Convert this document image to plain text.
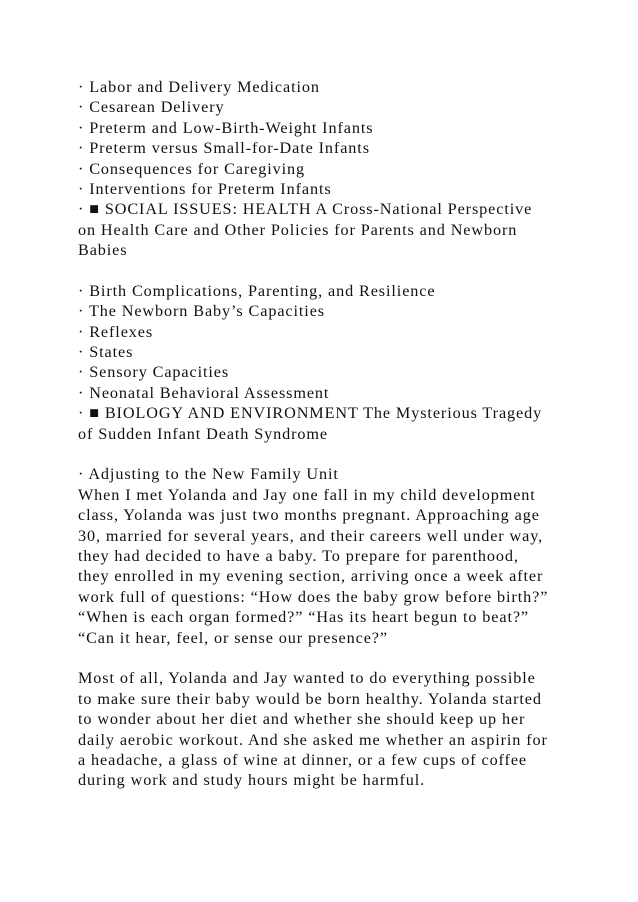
· Labor and Delivery Medication
· Cesarean Delivery
· Preterm and Low-Birth-Weight Infants
· Preterm versus Small-for-Date Infants
· Consequences for Caregiving
· Interventions for Preterm Infants
· ■ SOCIAL ISSUES: HEALTH A Cross-National Perspective
on Health Care and Other Policies for Parents and Newborn
Babies
· Birth Complications, Parenting, and Resilience
· The Newborn Baby’s Capacities
· Reflexes
· States
· Sensory Capacities
· Neonatal Behavioral Assessment
· ■ BIOLOGY AND ENVIRONMENT The Mysterious Tragedy
of Sudden Infant Death Syndrome
· Adjusting to the New Family Unit
When I met Yolanda and Jay one fall in my child development
class, Yolanda was just two months pregnant. Approaching age
30, married for several years, and their careers well under way,
they had decided to have a baby. To prepare for parenthood,
they enrolled in my evening section, arriving once a week after
work full of questions: “How does the baby grow before birth?”
“When is each organ formed?” “Has its heart begun to beat?”
“Can it hear, feel, or sense our presence?”
Most of all, Yolanda and Jay wanted to do everything possible
to make sure their baby would be born healthy. Yolanda started
to wonder about her diet and whether she should keep up her
daily aerobic workout. And she asked me whether an aspirin for
a headache, a glass of wine at dinner, or a few cups of coffee
during work and study hours might be harmful.
